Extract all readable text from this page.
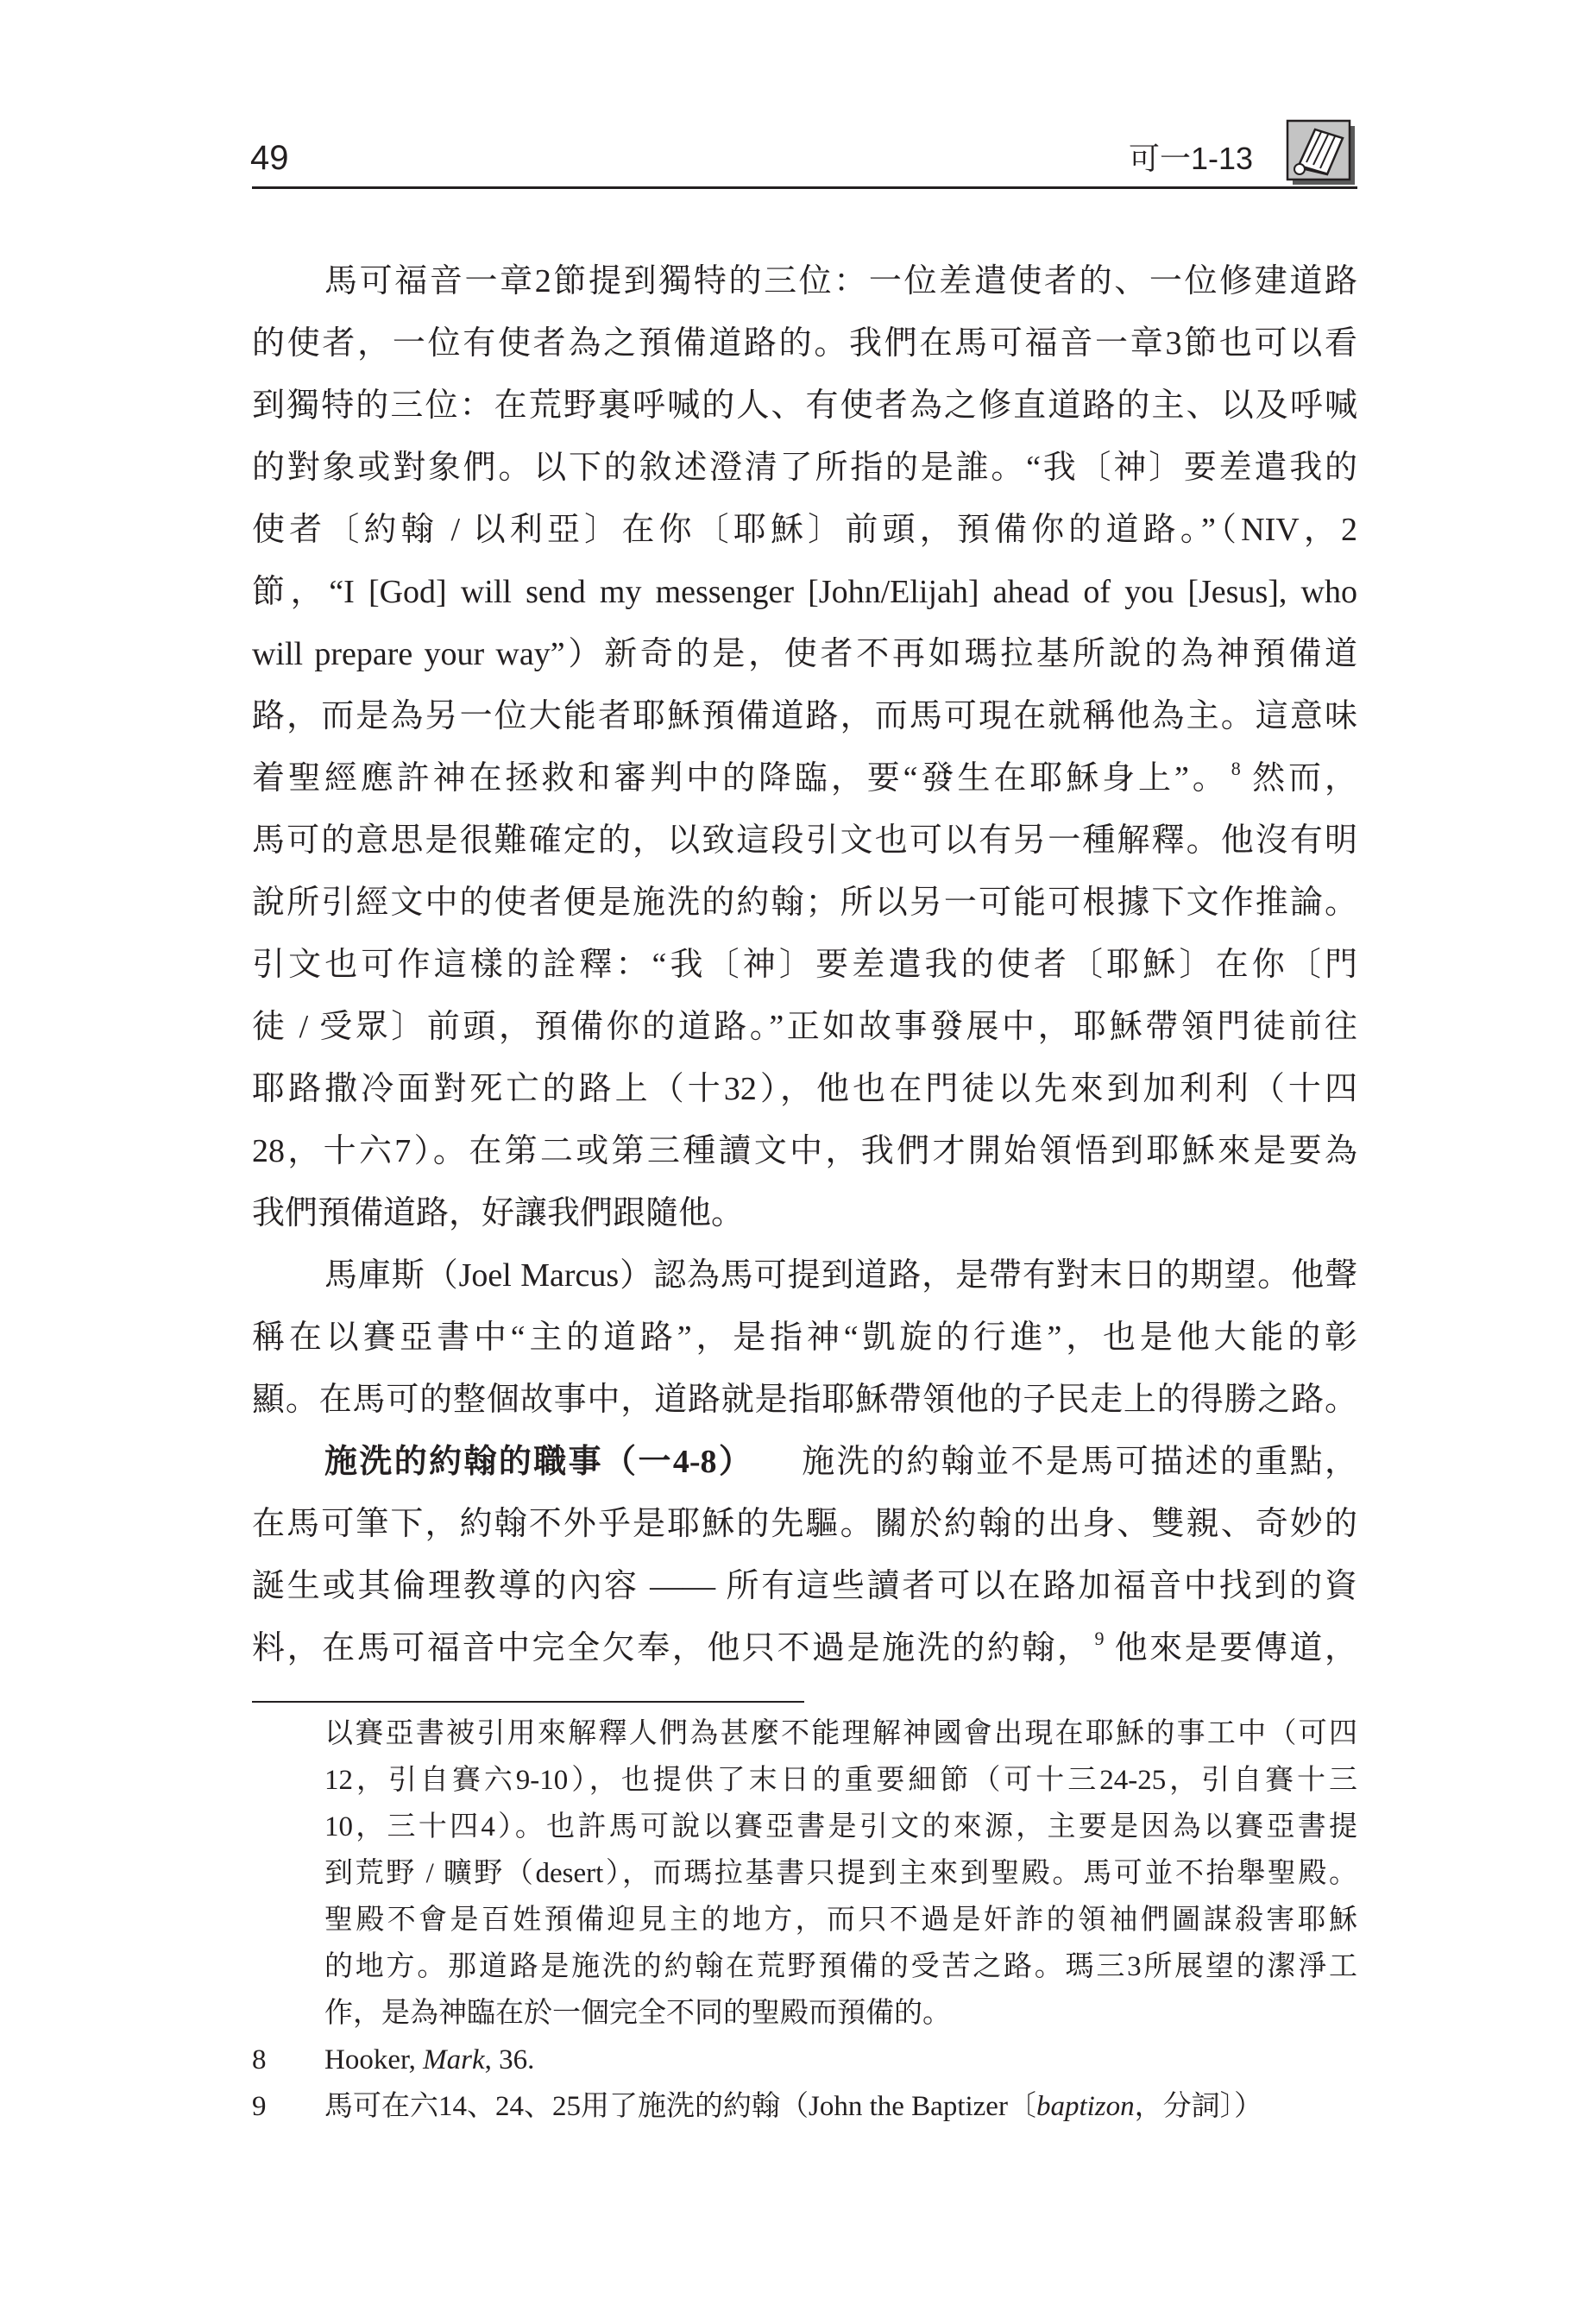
49	可一1-13
馬可福音一章2節提到獨特的三位：一位差遣使者的、一位修建道路
的使者，一位有使者為之預備道路的。我們在馬可福音一章3節也可以看
到獨特的三位：在荒野裏呼喊的人、有使者為之修直道路的主、以及呼喊
的對象或對象們。以下的敘述澄清了所指的是誰。“我〔神〕要差遣我的
使者〔約翰 / 以利亞〕在你〔耶穌〕前頭，預備你的道路。”（NIV，2
節，“I [God] will send my messenger [John/Elijah] ahead of you [Jesus], who
will prepare your way”）新奇的是，使者不再如瑪拉基所說的為神預備道
路，而是為另一位大能者耶穌預備道路，而馬可現在就稱他為主。這意味
着聖經應許神在拯救和審判中的降臨，要“發生在耶穌身上”。 $^8$ 然而，
馬可的意思是很難確定的，以致這段引文也可以有另一種解釋。他沒有明
說所引經文中的使者便是施洗的約翰；所以另一可能可根據下文作推論。
引文也可作這樣的詮釋：“我〔神〕要差遣我的使者〔耶穌〕在你〔門
徒 / 受眾〕前頭，預備你的道路。”正如故事發展中，耶穌帶領門徒前往
耶路撒冷面對死亡的路上（十32），他也在門徒以先來到加利利（十四
28，十六7）。在第二或第三種讀文中，我們才開始領悟到耶穌來是要為
我們預備道路，好讓我們跟隨他。
馬庫斯（Joel Marcus）認為馬可提到道路，是帶有對末日的期望。他聲
稱在以賽亞書中“主的道路”，是指神“凱旋的行進”，也是他大能的彰
顯。在馬可的整個故事中，道路就是指耶穌帶領他的子民走上的得勝之路。
施洗的約翰的職事（一4-8） 施洗的約翰並不是馬可描述的重點，
在馬可筆下，約翰不外乎是耶穌的先驅。關於約翰的出身、雙親、奇妙的
誕生或其倫理教導的內容 —— 所有這些讀者可以在路加福音中找到的資
料，在馬可福音中完全欠奉，他只不過是施洗的約翰， $^9$ 他來是要傳道，
以賽亞書被引用來解釋人們為甚麼不能理解神國會出現在耶穌的事工中（可四
12，引自賽六9-10），也提供了末日的重要細節（可十三24-25，引自賽十三
10，三十四4）。也許馬可說以賽亞書是引文的來源，主要是因為以賽亞書提
到荒野 / 曠野（desert），而瑪拉基書只提到主來到聖殿。馬可並不抬舉聖殿。
聖殿不會是百姓預備迎見主的地方，而只不過是奸詐的領袖們圖謀殺害耶穌
的地方。那道路是施洗的約翰在荒野預備的受苦之路。瑪三3所展望的潔淨工
作，是為神臨在於一個完全不同的聖殿而預備的。
8	Hooker, Mark, 36.
9	馬可在六14、24、25用了施洗的約翰（John the Baptizer〔baptizon，分詞〕）
